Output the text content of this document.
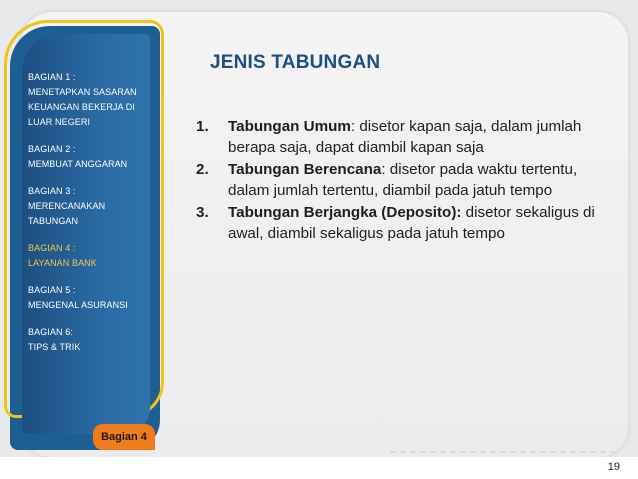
BAGIAN 1 :
MENETAPKAN SASARAN
KEUANGAN BEKERJA DI
LUAR NEGERI
BAGIAN 2 :
MEMBUAT ANGGARAN
BAGIAN 3 :
MERENCANAKAN
TABUNGAN
BAGIAN 4 :
LAYANAN BANK
BAGIAN 5 :
MENGENAL ASURANSI
BAGIAN 6:
TIPS & TRIK
Bagian 4
JENIS TABUNGAN
1.	Tabungan Umum: disetor kapan saja, dalam jumlah berapa saja, dapat diambil kapan saja
2.	Tabungan Berencana: disetor pada waktu tertentu, dalam jumlah tertentu, diambil pada jatuh tempo
3.	Tabungan Berjangka (Deposito): disetor sekaligus di awal, diambil sekaligus pada jatuh tempo
19
